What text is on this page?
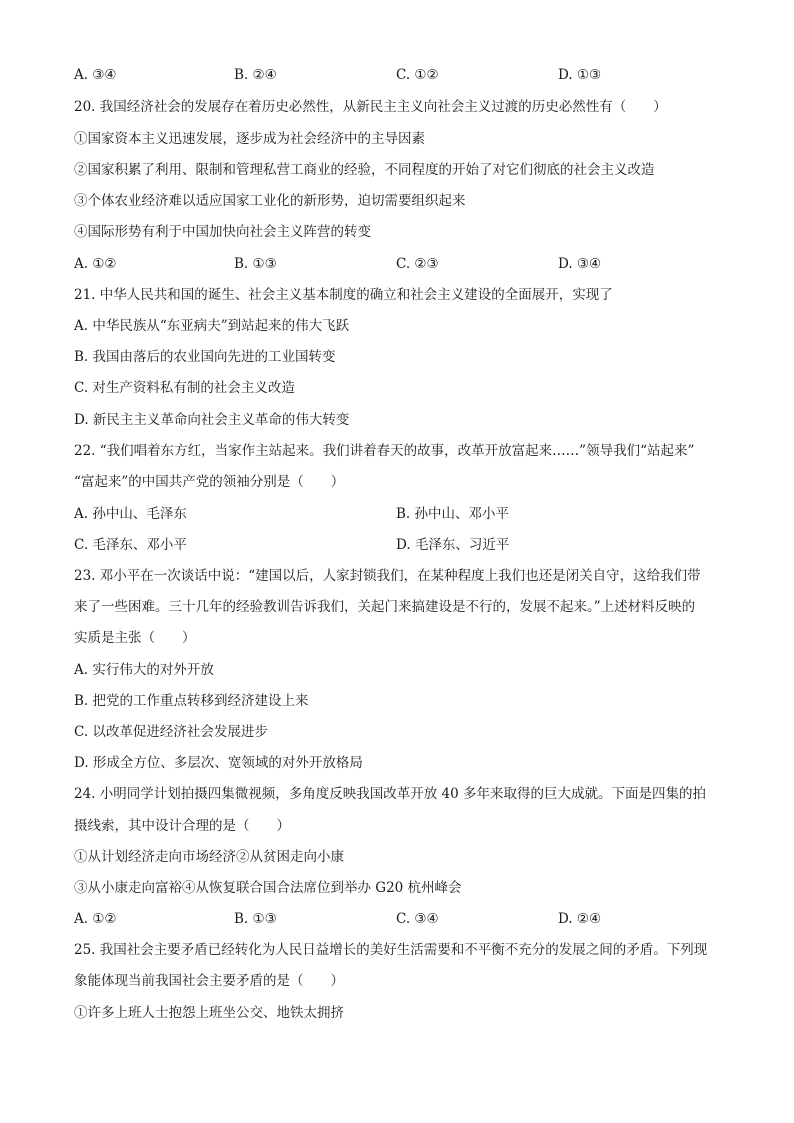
A. ③④	B. ②④	C. ①②	D. ①③
20. 我国经济社会的发展存在着历史必然性，从新民主主义向社会主义过渡的历史必然性有（　　）
①国家资本主义迅速发展，逐步成为社会经济中的主导因素
②国家积累了利用、限制和管理私营工商业的经验，不同程度的开始了对它们彻底的社会主义改造
③个体农业经济难以适应国家工业化的新形势，迫切需要组织起来
④国际形势有利于中国加快向社会主义阵营的转变
A. ①②	B. ①③	C. ②③	D. ③④
21. 中华人民共和国的诞生、社会主义基本制度的确立和社会主义建设的全面展开，实现了
A. 中华民族从“东亚病夫”到站起来的伟大飞跃
B. 我国由落后的农业国向先进的工业国转变
C. 对生产资料私有制的社会主义改造
D. 新民主主义革命向社会主义革命的伟大转变
22. “我们唱着东方红，当家作主站起来。我们讲着春天的故事，改革开放富起来……”领导我们“站起来”
“富起来”的中国共产党的领袖分别是（　　）
A. 孙中山、毛泽东	B. 孙中山、邓小平
C. 毛泽东、邓小平	D. 毛泽东、习近平
23. 邓小平在一次谈话中说：“建国以后，人家封锁我们，在某种程度上我们也还是闭关自守，这给我们带
来了一些困难。三十几年的经验教训告诉我们，关起门来搞建设是不行的，发展不起来。”上述材料反映的
实质是主张（　　）
A. 实行伟大的对外开放
B. 把党的工作重点转移到经济建设上来
C. 以改革促进经济社会发展进步
D. 形成全方位、多层次、宽领域的对外开放格局
24. 小明同学计划拍摄四集微视频，多角度反映我国改革开放 40 多年来取得的巨大成就。下面是四集的拍
摄线索，其中设计合理的是（　　）
①从计划经济走向市场经济②从贫困走向小康
③从小康走向富裕④从恢复联合国合法席位到举办 G20 杭州峰会
A. ①②	B. ①③	C. ③④	D. ②④
25. 我国社会主要矛盾已经转化为人民日益增长的美好生活需要和不平衡不充分的发展之间的矛盾。下列现
象能体现当前我国社会主要矛盾的是（　　）
①许多上班人士抱怨上班坐公交、地铁太拥挤
